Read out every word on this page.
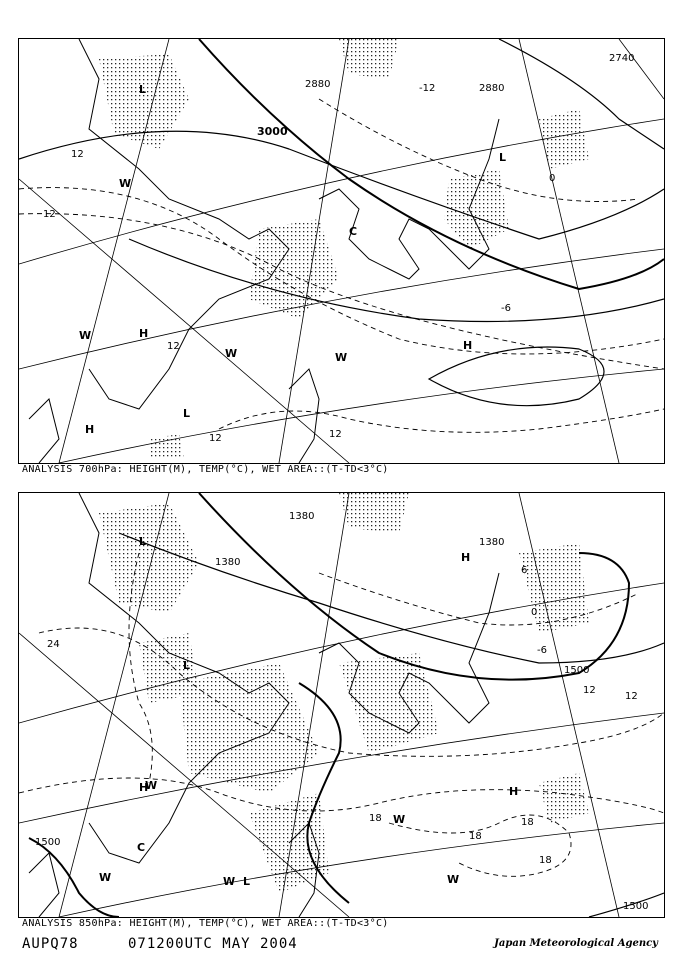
3000
2880	2880
2740
12
12
12
12	12
0
-6
-12
L
L
H
H
H
C
W
W
W	W
L
ANALYSIS 700hPa: HEIGHT(M), TEMP(°C), WET AREA::(T-TD<3°C)
1380
1380
1380
1500
1500
1500
24
18	18
18
18
12
12
0
6
-6
L
L
H
H
H
C
W
W
W
W
L
W
ANALYSIS 850hPa: HEIGHT(M), TEMP(°C), WET AREA::(T-TD<3°C)
AUPQ78	071200UTC MAY 2004	Japan Meteorological Agency
